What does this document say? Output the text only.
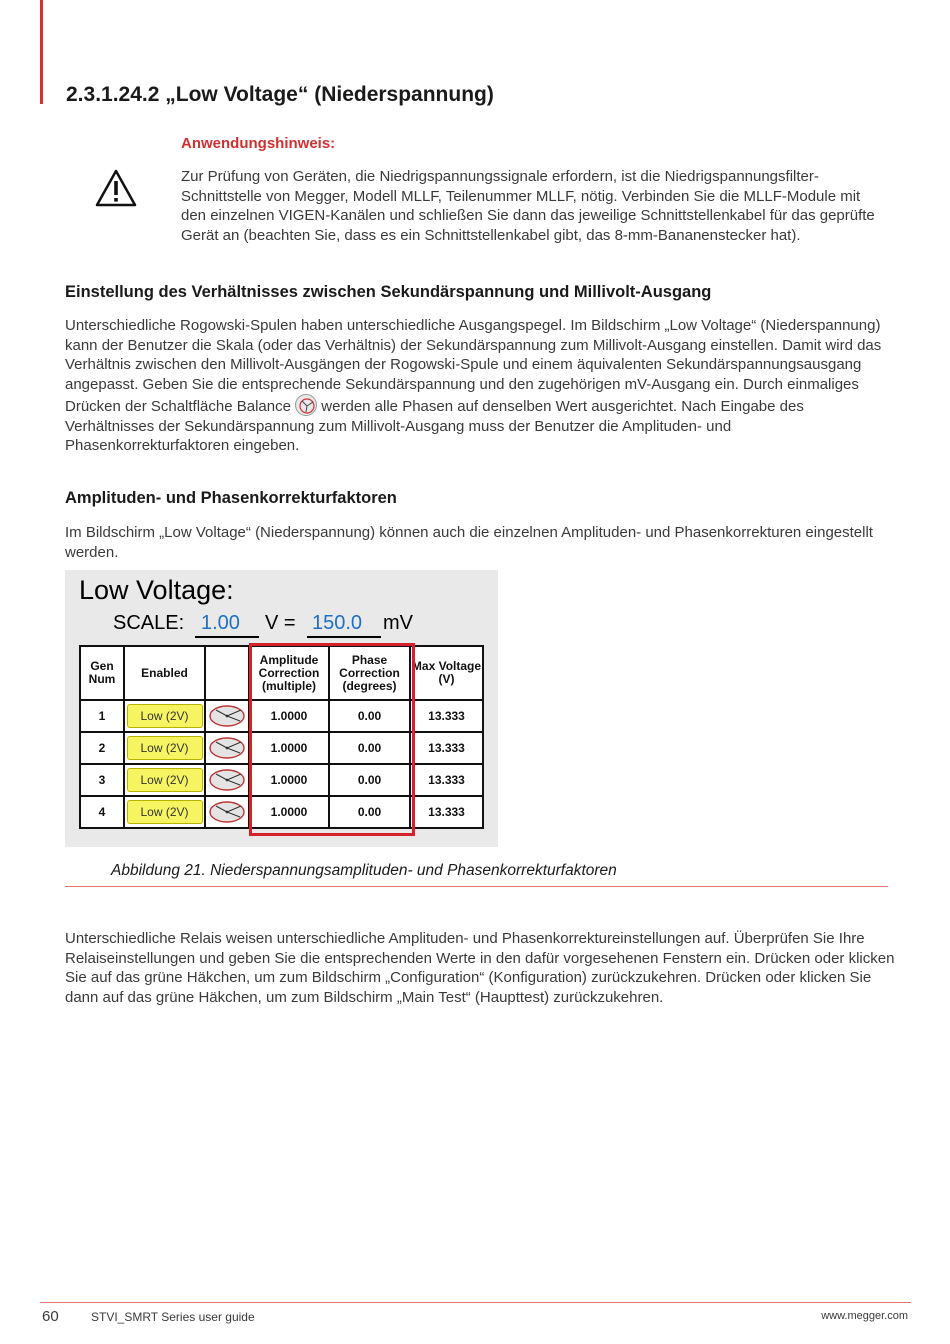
2.3.1.24.2 „Low Voltage“ (Niederspannung)
Anwendungshinweis:

Zur Prüfung von Geräten, die Niedrigspannungssignale erfordern, ist die Niedrigspannungsfilter-Schnittstelle von Megger, Modell MLLF, Teilenummer MLLF, nötig. Verbinden Sie die MLLF-Module mit den einzelnen VIGEN-Kanälen und schließen Sie dann das jeweilige Schnittstellenkabel für das geprüfte Gerät an (beachten Sie, dass es ein Schnittstellenkabel gibt, das 8-mm-Bananenstecker hat).

Einstellung des Verhältnisses zwischen Sekundärspannung und Millivolt-Ausgang

Unterschiedliche Rogowski-Spulen haben unterschiedliche Ausgangspegel. Im Bildschirm „Low Voltage“ (Niederspannung) kann der Benutzer die Skala (oder das Verhältnis) der Sekundärspannung zum Millivolt-Ausgang einstellen. Damit wird das Verhältnis zwischen den Millivolt-Ausgängen der Rogowski-Spule und einem äquivalenten Sekundärspannungsausgang angepasst. Geben Sie die entsprechende Sekundärspannung und den zugehörigen mV-Ausgang ein. Durch einmaliges Drücken der Schaltfläche Balance
werden alle Phasen auf denselben Wert ausgerichtet. Nach Eingabe des Verhältnisses der Sekundärspannung zum Millivolt-Ausgang muss der Benutzer die Amplituden- und Phasenkorrekturfaktoren eingeben.

Amplituden- und Phasenkorrekturfaktoren

Im Bildschirm „Low Voltage“ (Niederspannung) können auch die einzelnen Amplituden- und Phasenkorrekturen eingestellt werden.

Low Voltage:
SCALE: 1.00	V = 150.0	mV
Gen Num	Enabled		Amplitude Correction (multiple)	Phase Correction (degrees)	Max Voltage (V)
1	Low (2V)		1.0000	0.00	13.333
2	Low (2V)		1.0000	0.00	13.333
3	Low (2V)		1.0000	0.00	13.333
4	Low (2V)		1.0000	0.00	13.333
Abbildung 21. Niederspannungsamplituden- und Phasenkorrekturfaktoren

Unterschiedliche Relais weisen unterschiedliche Amplituden- und Phasenkorrektureinstellungen auf. Überprüfen Sie Ihre Relaiseinstellungen und geben Sie die entsprechenden Werte in den dafür vorgesehenen Fenstern ein. Drücken oder klicken Sie auf das grüne Häkchen, um zum Bildschirm „Configuration“ (Konfiguration) zurückzukehren. Drücken oder klicken Sie dann auf das grüne Häkchen, um zum Bildschirm „Main Test“ (Haupttest) zurückzukehren.

60	STVI_SMRT Series user guide	www.megger.com
